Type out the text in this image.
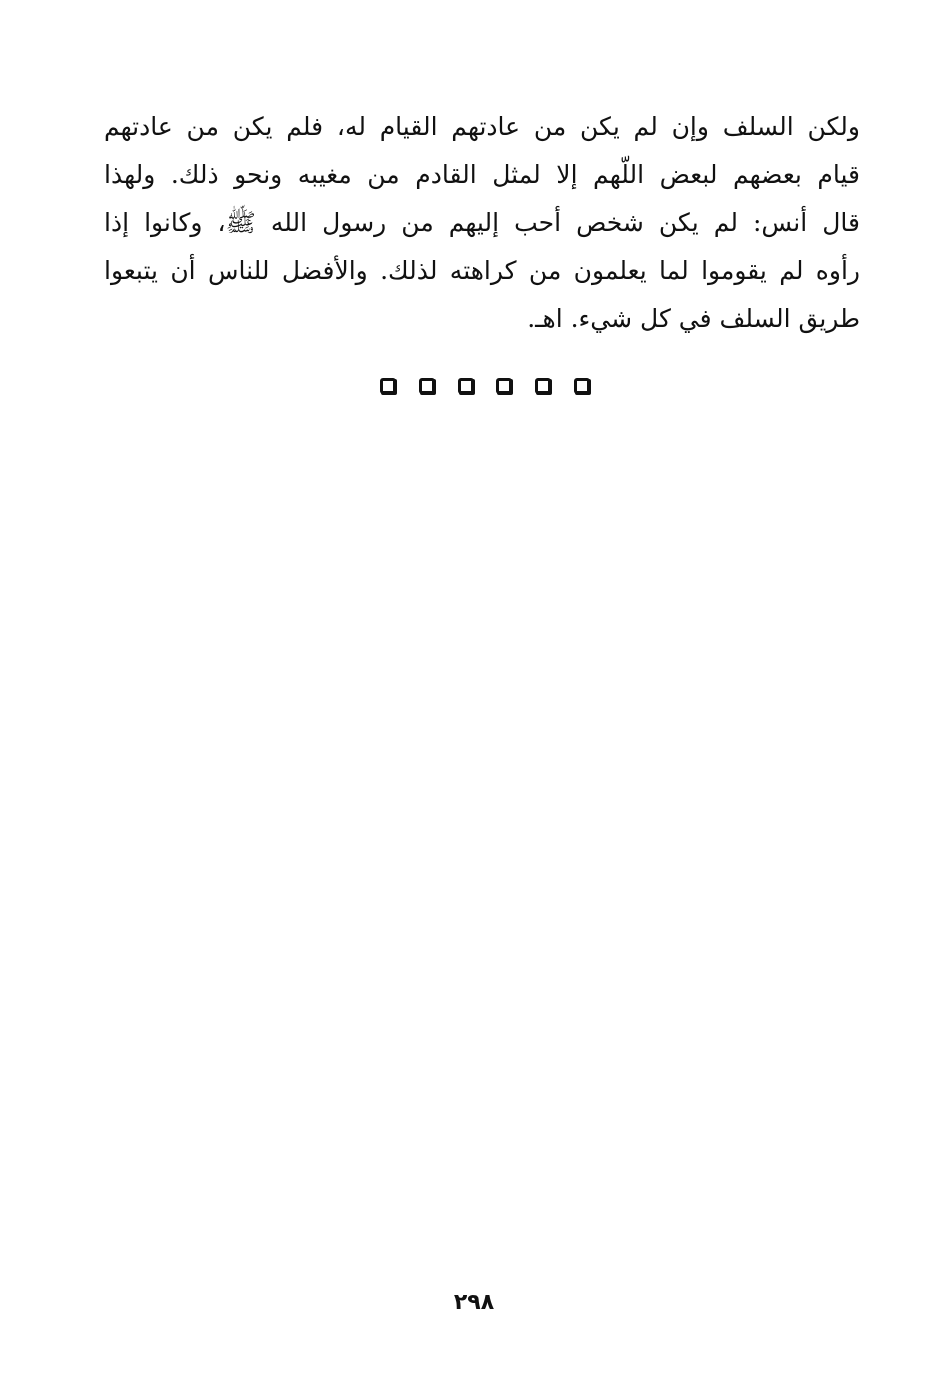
ولكن السلف وإن لم يكن من عادتهم القيام له، فلم يكن من عادتهم
قيام بعضهم لبعض اللّهم إلا لمثل القادم من مغيبه ونحو ذلك. ولهذا
قال أنس: لم يكن شخص أحب إليهم من رسول الله ﷺ، وكانوا إذا
رأوه لم يقوموا لما يعلمون من كراهته لذلك. والأفضل للناس أن يتبعوا
طريق السلف في كل شيء. اهـ.
٢٩٨
